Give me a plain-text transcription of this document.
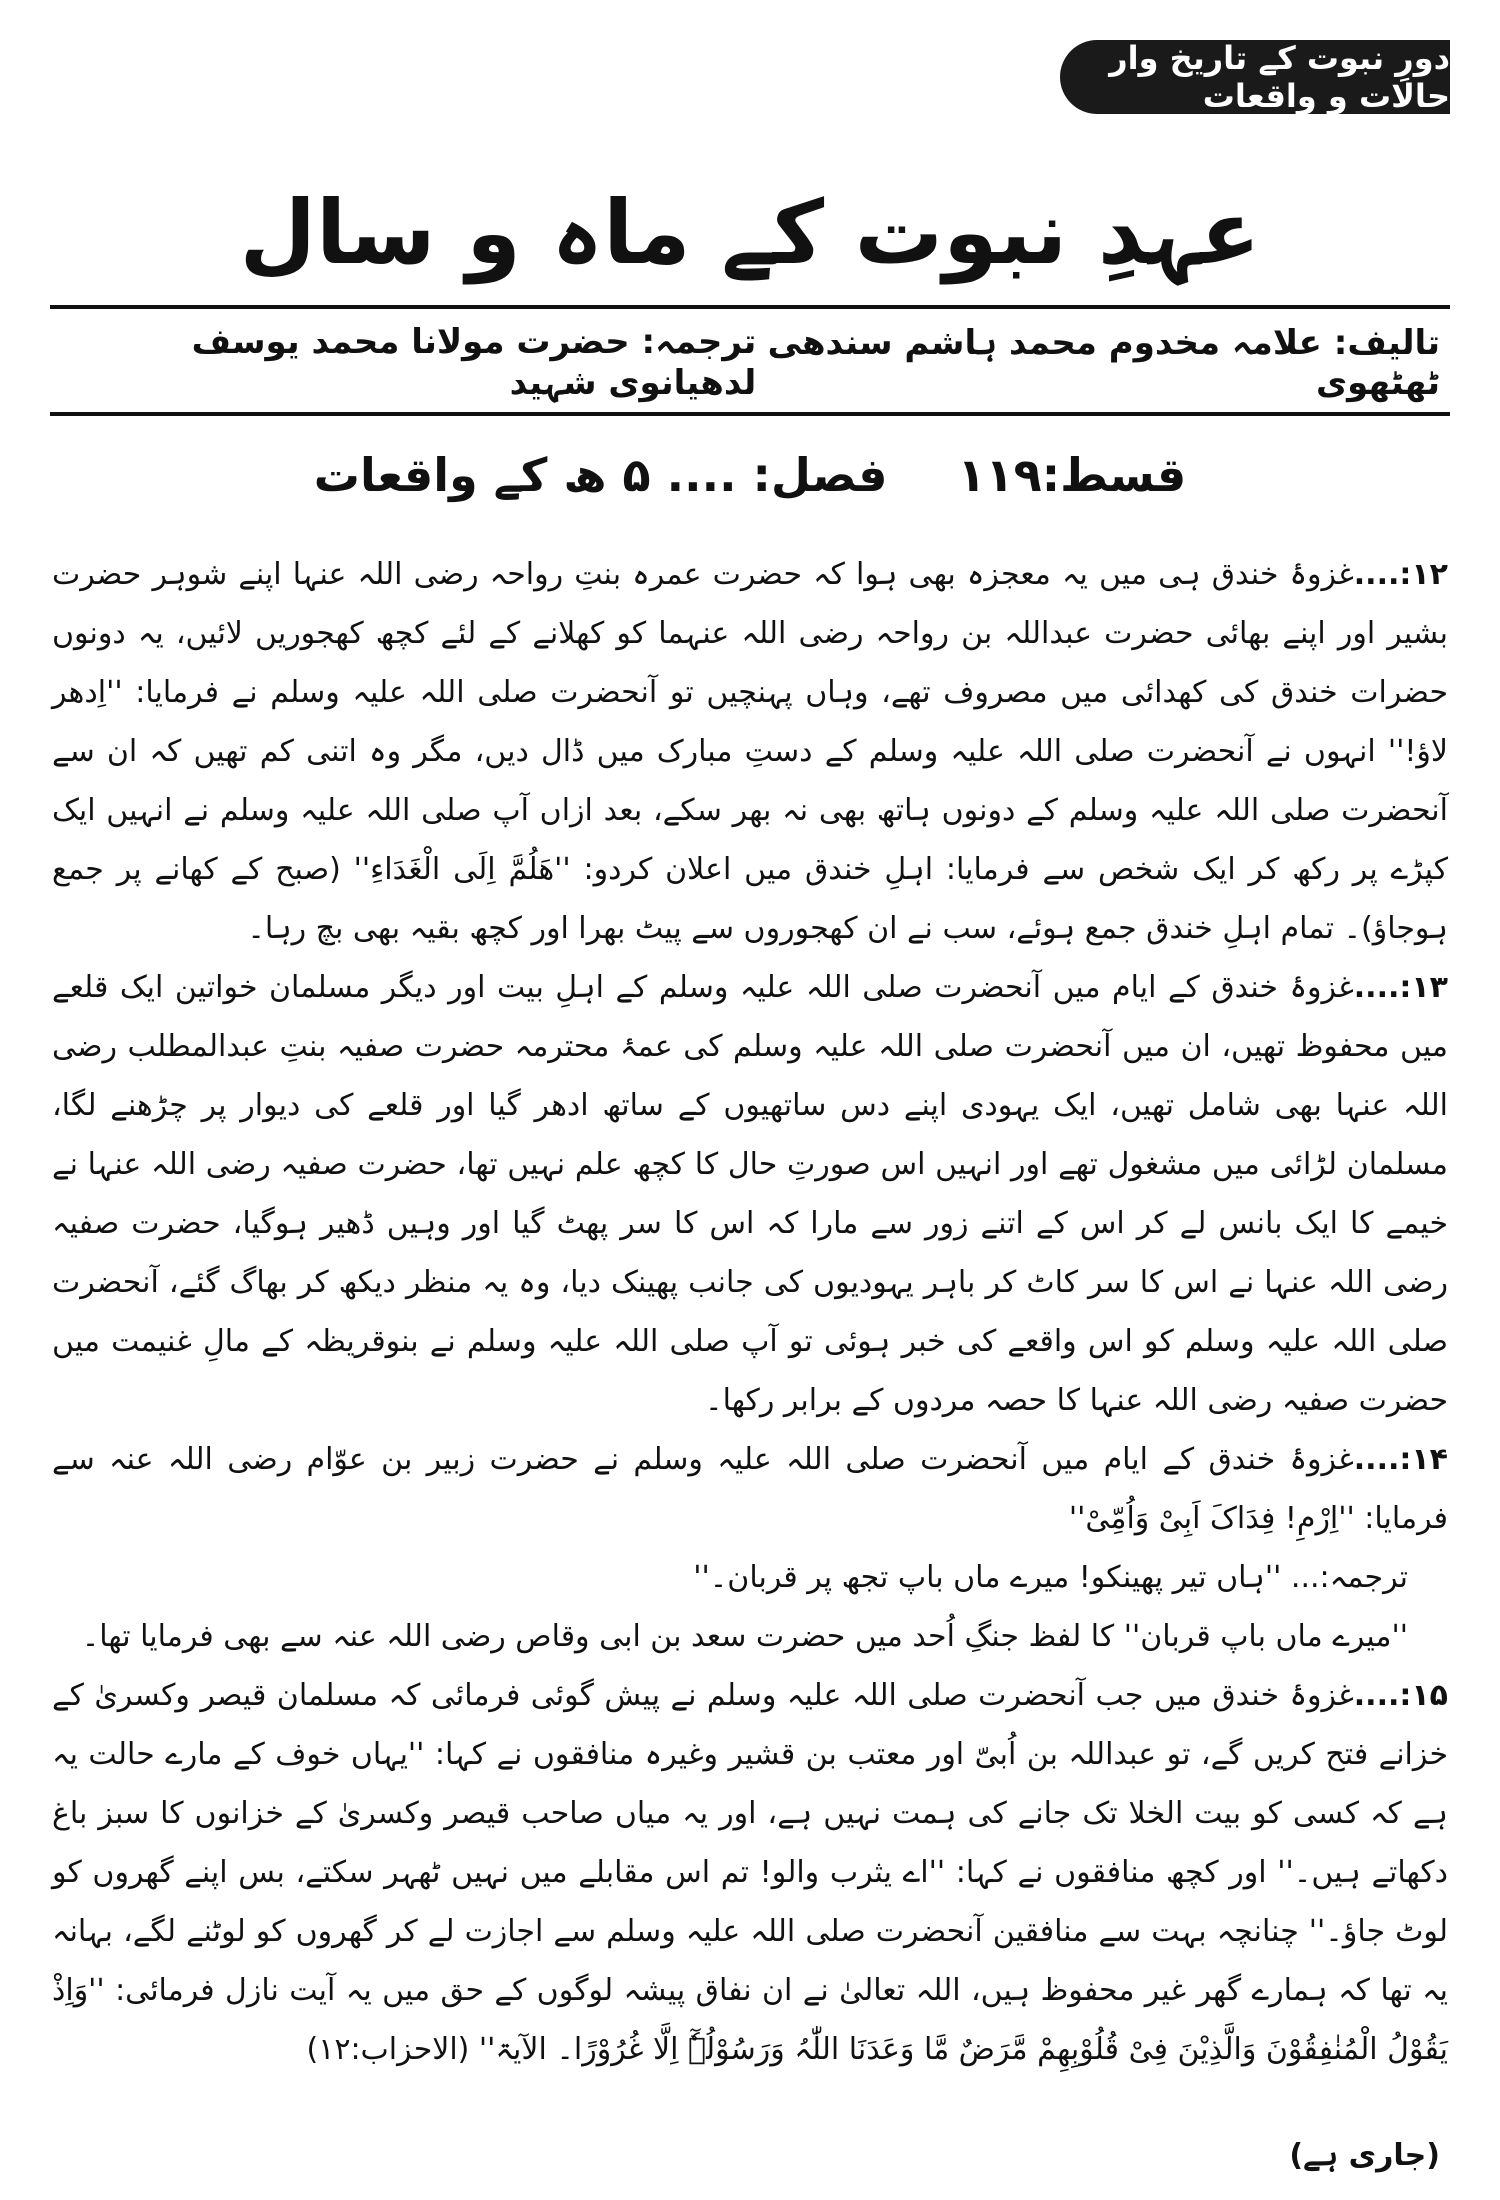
دورِ نبوت کے تاریخ وار حالات و واقعات
عہدِ نبوت کے ماہ و سال
تالیف: علامہ مخدوم محمد ہاشم سندھی ٹھٹھوی
ترجمہ: حضرت مولانا محمد یوسف لدھیانوی شہید
قسط:۱۱۹
فصل: .... ۵ ھ کے واقعات

۱۲:....غزوۂ خندق ہی میں یہ معجزہ بھی ہوا کہ حضرت عمرہ بنتِ رواحہ رضی اللہ عنہا اپنے شوہر حضرت بشیر اور اپنے بھائی حضرت عبداللہ بن رواحہ رضی اللہ عنہما کو کھلانے کے لئے کچھ کھجوریں لائیں، یہ دونوں حضرات خندق کی کھدائی میں مصروف تھے، وہاں پہنچیں تو آنحضرت صلی اللہ علیہ وسلم نے فرمایا: ''اِدھر لاؤ!'' انہوں نے آنحضرت صلی اللہ علیہ وسلم کے دستِ مبارک میں ڈال دیں، مگر وہ اتنی کم تھیں کہ ان سے آنحضرت صلی اللہ علیہ وسلم کے دونوں ہاتھ بھی نہ بھر سکے، بعد ازاں آپ صلی اللہ علیہ وسلم نے انہیں ایک کپڑے پر رکھ کر ایک شخص سے فرمایا: اہلِ خندق میں اعلان کردو: ''ھَلُمَّ اِلَی الْغَدَاءِ'' (صبح کے کھانے پر جمع ہوجاؤ)۔ تمام اہلِ خندق جمع ہوئے، سب نے ان کھجوروں سے پیٹ بھرا اور کچھ بقیہ بھی بچ رہا۔

۱۳:....غزوۂ خندق کے ایام میں آنحضرت صلی اللہ علیہ وسلم کے اہلِ بیت اور دیگر مسلمان خواتین ایک قلعے میں محفوظ تھیں، ان میں آنحضرت صلی اللہ علیہ وسلم کی عمۂ محترمہ حضرت صفیہ بنتِ عبدالمطلب رضی اللہ عنہا بھی شامل تھیں، ایک یہودی اپنے دس ساتھیوں کے ساتھ ادھر گیا اور قلعے کی دیوار پر چڑھنے لگا، مسلمان لڑائی میں مشغول تھے اور انہیں اس صورتِ حال کا کچھ علم نہیں تھا، حضرت صفیہ رضی اللہ عنہا نے خیمے کا ایک بانس لے کر اس کے اتنے زور سے مارا کہ اس کا سر پھٹ گیا اور وہیں ڈھیر ہوگیا، حضرت صفیہ رضی اللہ عنہا نے اس کا سر کاٹ کر باہر یہودیوں کی جانب پھینک دیا، وہ یہ منظر دیکھ کر بھاگ گئے، آنحضرت صلی اللہ علیہ وسلم کو اس واقعے کی خبر ہوئی تو آپ صلی اللہ علیہ وسلم نے بنوقریظہ کے مالِ غنیمت میں حضرت صفیہ رضی اللہ عنہا کا حصہ مردوں کے برابر رکھا۔

۱۴:....غزوۂ خندق کے ایام میں آنحضرت صلی اللہ علیہ وسلم نے حضرت زبیر بن عوّام رضی اللہ عنہ سے فرمایا: ''اِرْمِ! فِدَاکَ اَبِیْ وَاُمِّیْ''

ترجمہ:... ''ہاں تیر پھینکو! میرے ماں باپ تجھ پر قربان۔''

''میرے ماں باپ قربان'' کا لفظ جنگِ اُحد میں حضرت سعد بن ابی وقاص رضی اللہ عنہ سے بھی فرمایا تھا۔

۱۵:....غزوۂ خندق میں جب آنحضرت صلی اللہ علیہ وسلم نے پیش گوئی فرمائی کہ مسلمان قیصر وکسریٰ کے خزانے فتح کریں گے، تو عبداللہ بن اُبیّ اور معتب بن قشیر وغیرہ منافقوں نے کہا: ''یہاں خوف کے مارے حالت یہ ہے کہ کسی کو بیت الخلا تک جانے کی ہمت نہیں ہے، اور یہ میاں صاحب قیصر وکسریٰ کے خزانوں کا سبز باغ دکھاتے ہیں۔'' اور کچھ منافقوں نے کہا: ''اے یثرب والو! تم اس مقابلے میں نہیں ٹھہر سکتے، بس اپنے گھروں کو لوٹ جاؤ۔'' چنانچہ بہت سے منافقین آنحضرت صلی اللہ علیہ وسلم سے اجازت لے کر گھروں کو لوٹنے لگے، بہانہ یہ تھا کہ ہمارے گھر غیر محفوظ ہیں، اللہ تعالیٰ نے ان نفاق پیشہ لوگوں کے حق میں یہ آیت نازل فرمائی: ''وَاِذْ یَقُوْلُ الْمُنٰفِقُوْنَ وَالَّذِیْنَ فِیْ قُلُوْبِھِمْ مَّرَضٌ مَّا وَعَدَنَا اللّٰہُ وَرَسُوْلُہٗٓ اِلَّا غُرُوْرًا۔ الآیۃ'' (الاحزاب:۱۲)

(جاری ہے)
